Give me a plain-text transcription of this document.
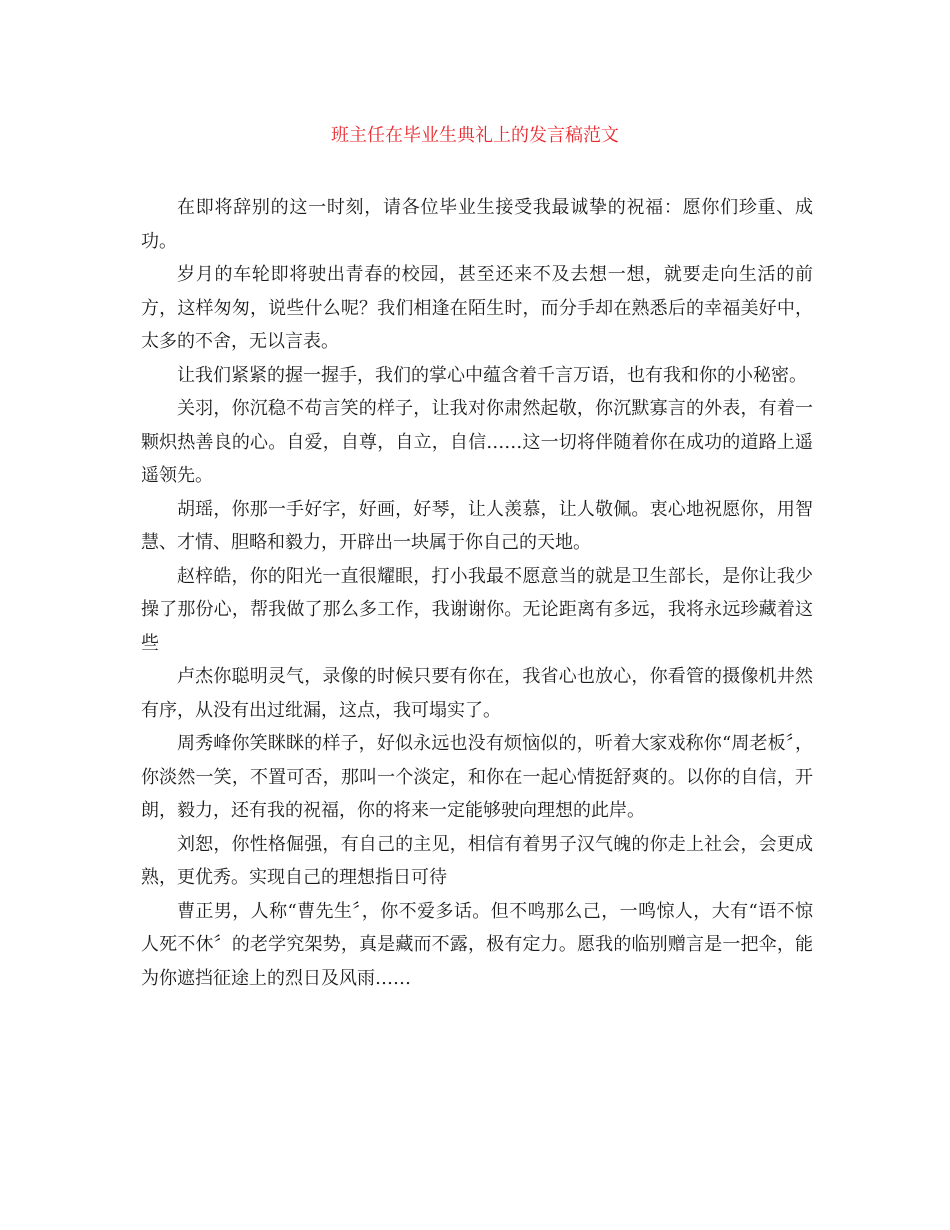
班主任在毕业生典礼上的发言稿范文

在即将辞别的这一时刻，请各位毕业生接受我最诚挚的祝福：愿你们珍重、成功。

岁月的车轮即将驶出青春的校园，甚至还来不及去想一想，就要走向生活的前方，这样匆匆，说些什么呢？我们相逢在陌生时，而分手却在熟悉后的幸福美好中，太多的不舍，无以言表。

让我们紧紧的握一握手，我们的掌心中蕴含着千言万语，也有我和你的小秘密。

关羽，你沉稳不苟言笑的样子，让我对你肃然起敬，你沉默寡言的外表，有着一颗炽热善良的心。自爱，自尊，自立，自信……这一切将伴随着你在成功的道路上遥遥领先。

胡瑶，你那一手好字，好画，好琴，让人羡慕，让人敬佩。衷心地祝愿你，用智慧、才情、胆略和毅力，开辟出一块属于你自己的天地。

赵梓皓，你的阳光一直很耀眼，打小我最不愿意当的就是卫生部长，是你让我少操了那份心，帮我做了那么多工作，我谢谢你。无论距离有多远，我将永远珍藏着这些

卢杰你聪明灵气，录像的时候只要有你在，我省心也放心，你看管的摄像机井然有序，从没有出过纰漏，这点，我可塌实了。

周秀峰你笑眯眯的样子，好似永远也没有烦恼似的，听着大家戏称你“周老板〞，你淡然一笑，不置可否，那叫一个淡定，和你在一起心情挺舒爽的。以你的自信，开朗，毅力，还有我的祝福，你的将来一定能够驶向理想的此岸。

刘恕，你性格倔强，有自己的主见，相信有着男子汉气魄的你走上社会，会更成熟，更优秀。实现自己的理想指日可待

曹正男，人称“曹先生〞，你不爱多话。但不鸣那么己，一鸣惊人，大有“语不惊人死不休〞的老学究架势，真是藏而不露，极有定力。愿我的临别赠言是一把伞，能为你遮挡征途上的烈日及风雨……
